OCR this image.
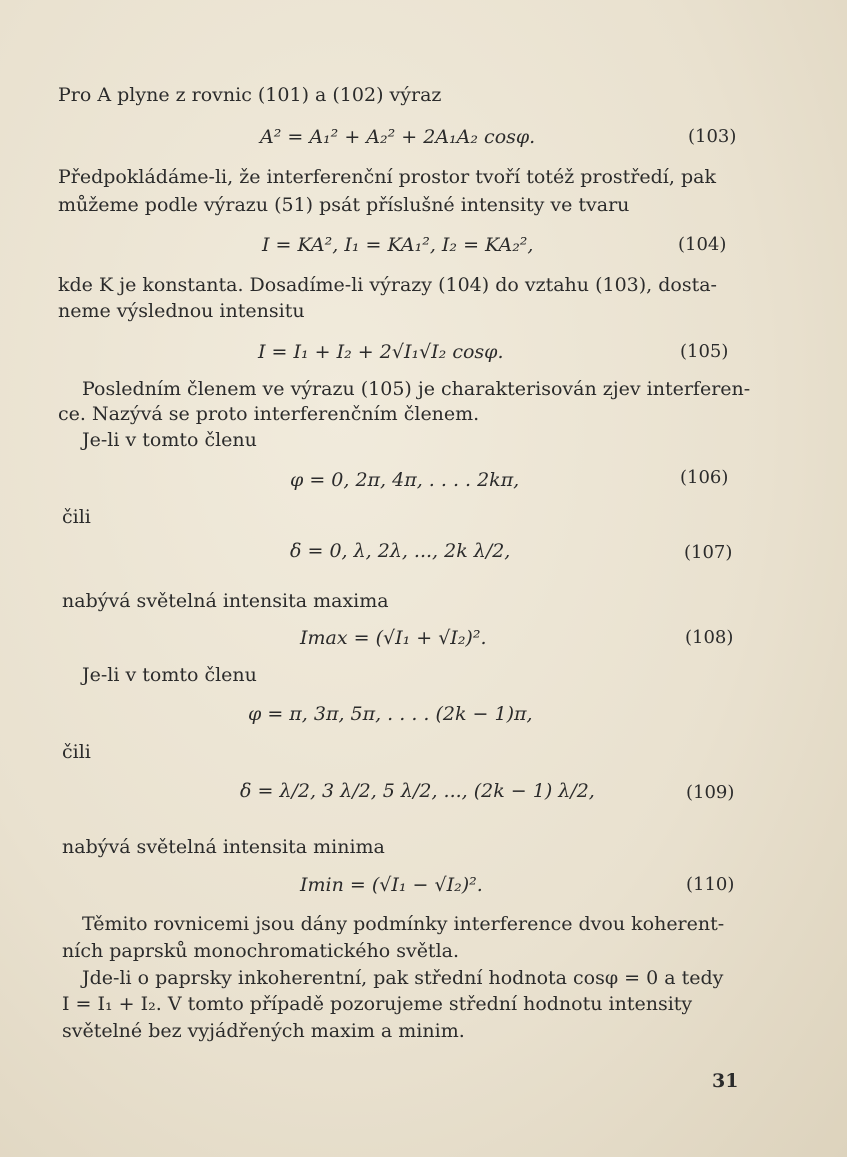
Pro A plyne z rovnic (101) a (102) výraz
A² = A₁² + A₂² + 2A₁A₂ cosφ.	(103)
Předpokládáme-li, že interferenční prostor tvoří totéž prostředí, pak
můžeme podle výrazu (51) psát příslušné intensity ve tvaru
I = KA², I₁ = KA₁², I₂ = KA₂²,	(104)
kde K je konstanta. Dosadíme-li výrazy (104) do vztahu (103), dosta-
neme výslednou intensitu
I = I₁ + I₂ + 2√I₁√I₂ cosφ.	(105)
Posledním členem ve výrazu (105) je charakterisován zjev interferen-
ce. Nazývá se proto interferenčním členem.
Je-li v tomto členu
φ = 0, 2π, 4π, . . . . 2kπ,	(106)
čili
δ = 0, λ, 2λ, ..., 2k λ/2,	(107)
nabývá světelná intensita maxima
Imax = (√I₁ + √I₂)².	(108)
Je-li v tomto členu
φ = π, 3π, 5π, . . . . (2k − 1)π,
čili
δ = λ/2, 3 λ/2, 5 λ/2, ..., (2k − 1) λ/2,	(109)
nabývá světelná intensita minima
Imin = (√I₁ − √I₂)².	(110)
Těmito rovnicemi jsou dány podmínky interference dvou koherent-
ních paprsků monochromatického světla.
Jde-li o paprsky inkoherentní, pak střední hodnota cosφ = 0 a tedy
I = I₁ + I₂. V tomto případě pozorujeme střední hodnotu intensity
světelné bez vyjádřených maxim a minim.
31
